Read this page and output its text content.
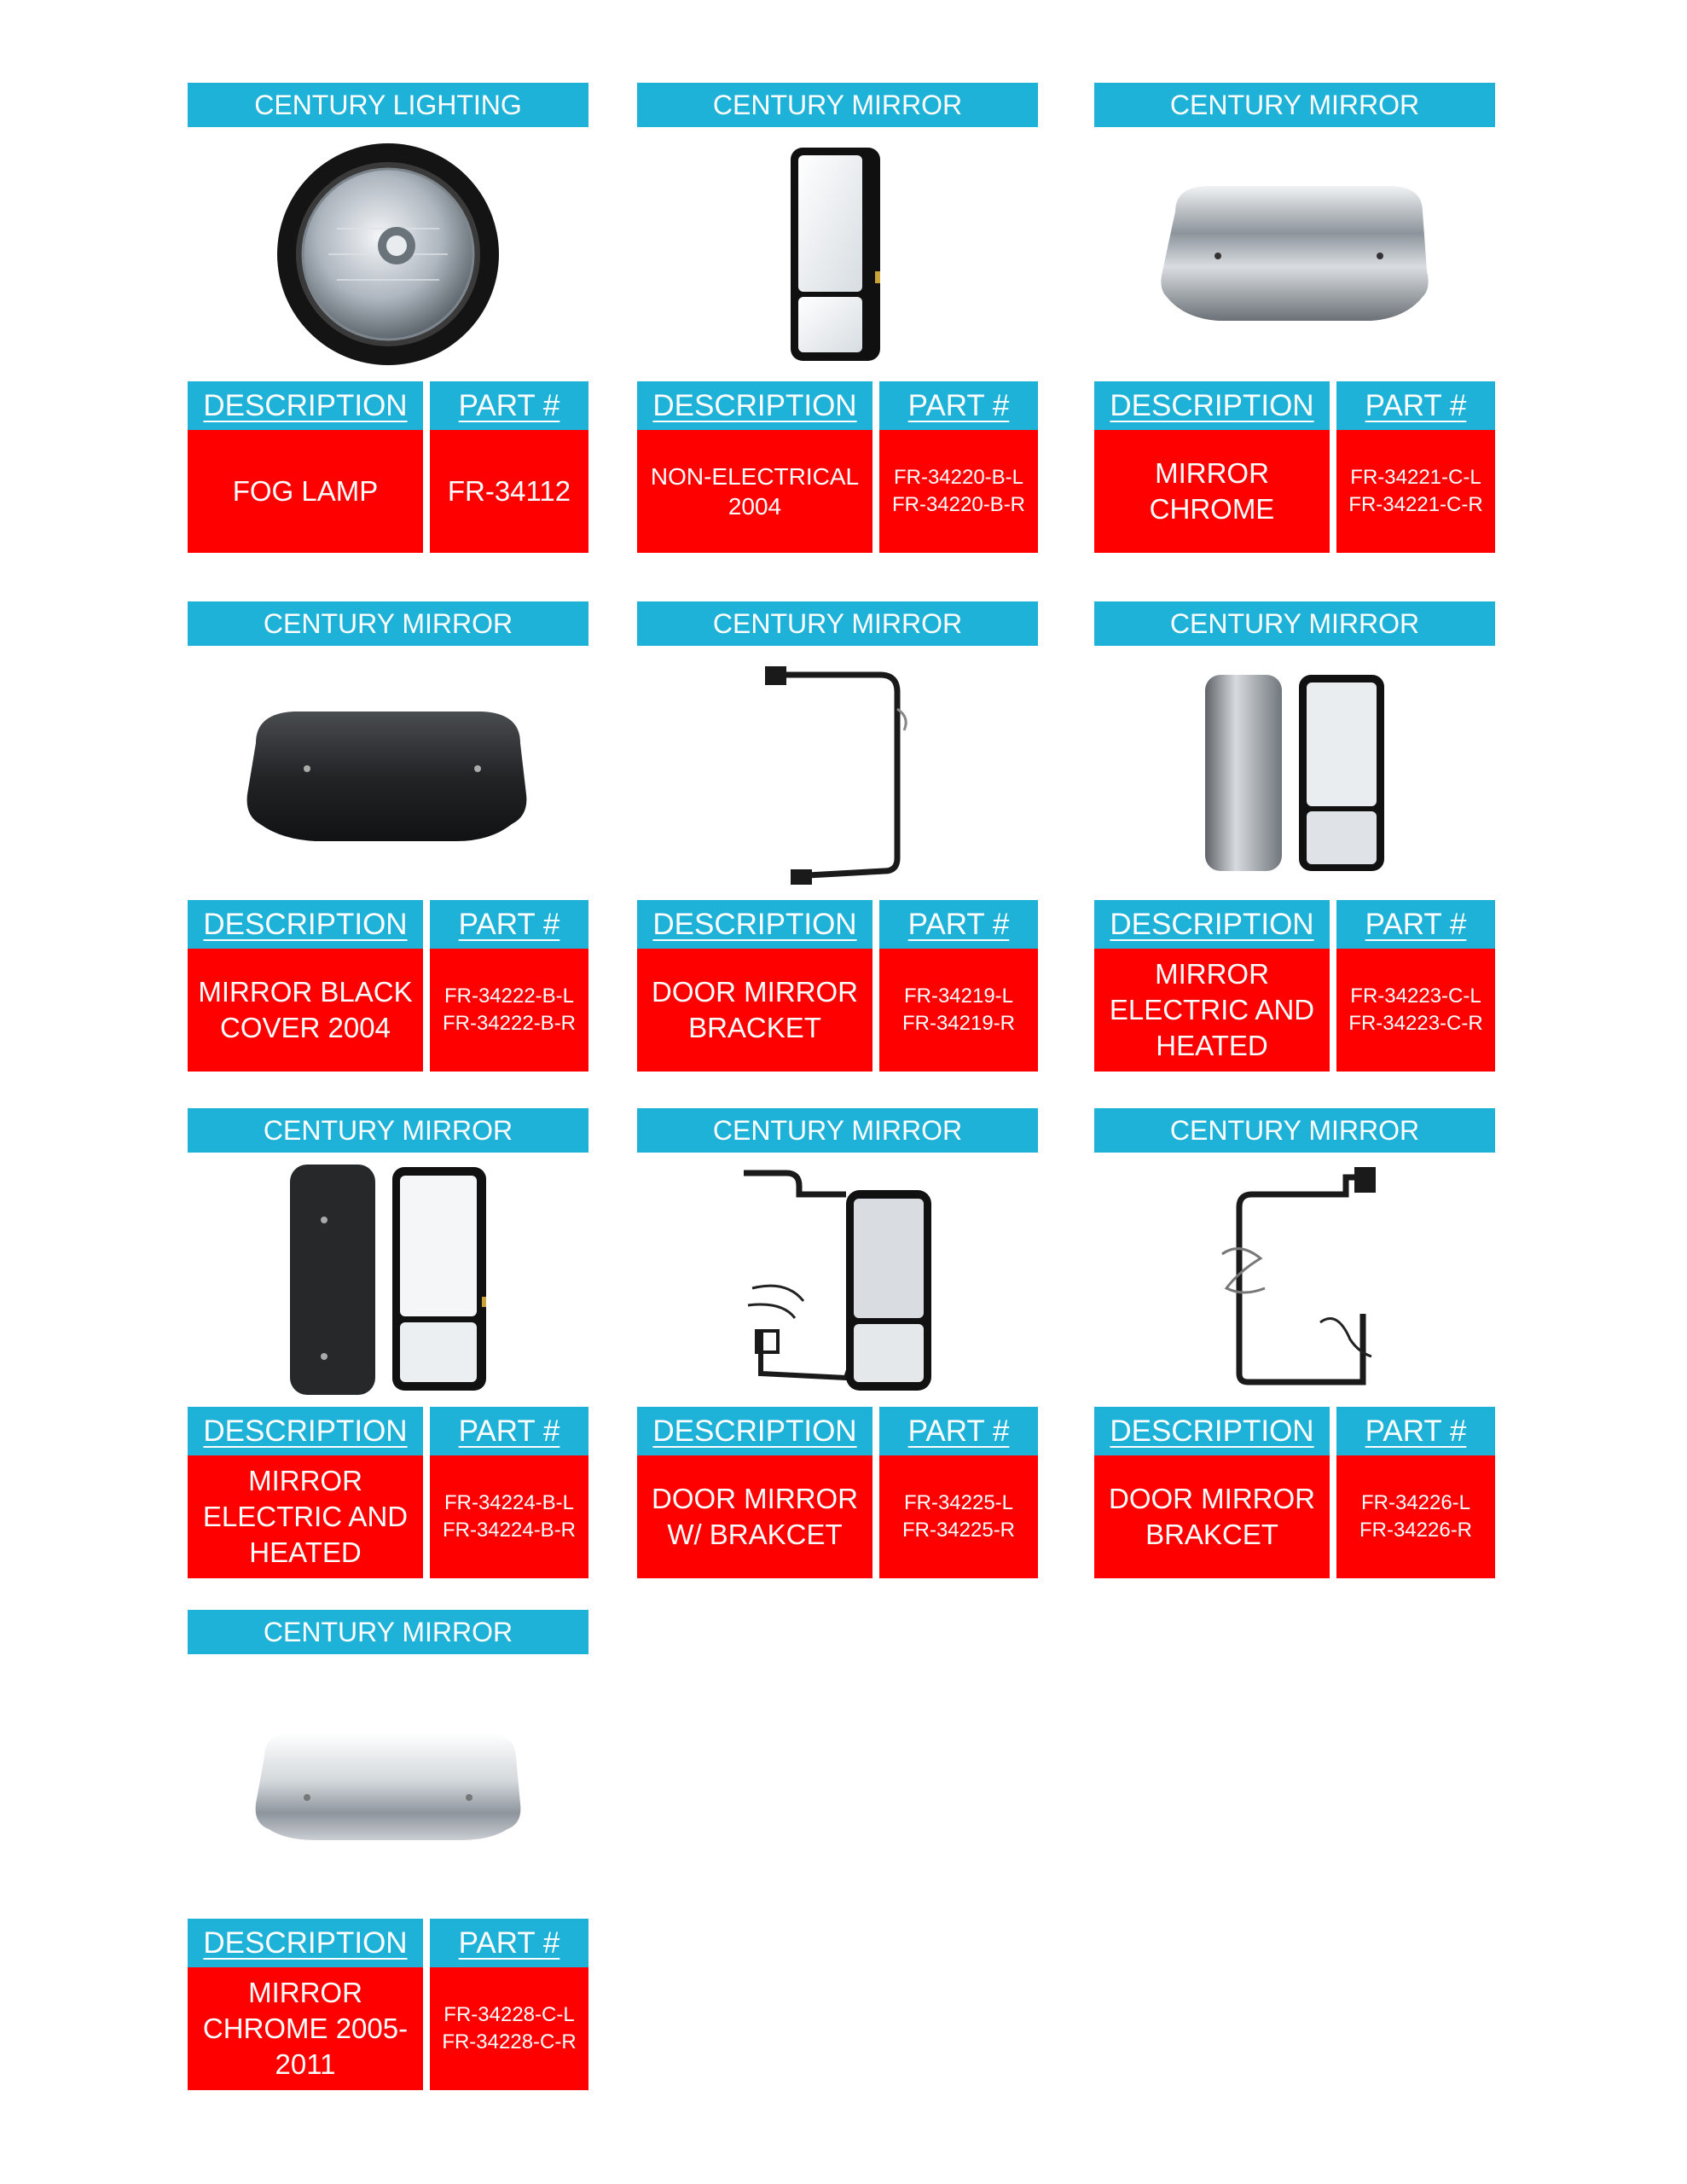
CENTURY LIGHTING
DESCRIPTION
FOG LAMP
PART #
FR-34112
CENTURY MIRROR
DESCRIPTION
NON-ELECTRICAL 2004
PART #
FR-34220-B-L
FR-34220-B-R
CENTURY MIRROR
DESCRIPTION
MIRROR CHROME
PART #
FR-34221-C-L
FR-34221-C-R
CENTURY MIRROR
DESCRIPTION
MIRROR BLACK COVER 2004
PART #
FR-34222-B-L
FR-34222-B-R
CENTURY MIRROR
DESCRIPTION
DOOR MIRROR BRACKET
PART #
FR-34219-L
FR-34219-R
CENTURY MIRROR
DESCRIPTION
MIRROR ELECTRIC AND HEATED
PART #
FR-34223-C-L
FR-34223-C-R
CENTURY MIRROR
DESCRIPTION
MIRROR ELECTRIC AND HEATED
PART #
FR-34224-B-L
FR-34224-B-R
CENTURY MIRROR
DESCRIPTION
DOOR MIRROR W/ BRAKCET
PART #
FR-34225-L
FR-34225-R
CENTURY MIRROR
DESCRIPTION
DOOR MIRROR BRAKCET
PART #
FR-34226-L
FR-34226-R
CENTURY MIRROR
DESCRIPTION
MIRROR CHROME 2005-2011
PART #
FR-34228-C-L
FR-34228-C-R
